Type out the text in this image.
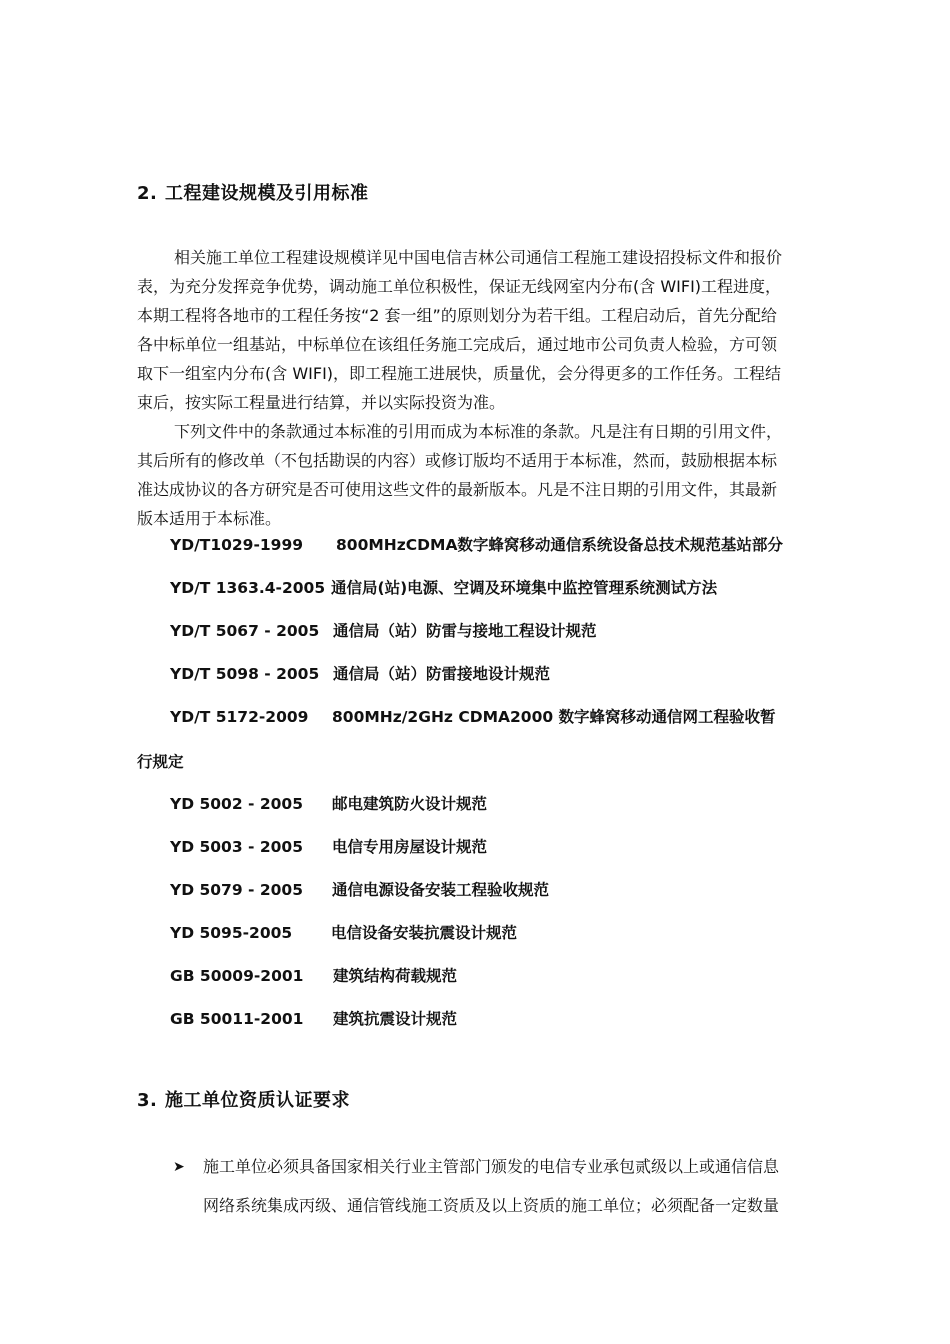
2. 工程建设规模及引用标准
相关施工单位工程建设规模详见中国电信吉林公司通信工程施工建设招投标文件和报价
表，为充分发挥竞争优势，调动施工单位积极性，保证无线网室内分布(含 WIFI)工程进度，
本期工程将各地市的工程任务按“2 套一组”的原则划分为若干组。工程启动后，首先分配给
各中标单位一组基站，中标单位在该组任务施工完成后，通过地市公司负责人检验，方可领
取下一组室内分布(含 WIFI)，即工程施工进展快，质量优，会分得更多的工作任务。工程结
束后，按实际工程量进行结算，并以实际投资为准。
下列文件中的条款通过本标准的引用而成为本标准的条款。凡是注有日期的引用文件，
其后所有的修改单（不包括勘误的内容）或修订版均不适用于本标准，然而，鼓励根据本标
准达成协议的各方研究是否可使用这些文件的最新版本。凡是不注日期的引用文件，其最新
版本适用于本标准。
YD/T1029-1999 800MHzCDMA数字蜂窝移动通信系统设备总技术规范基站部分
YD/T 1363.4-2005 通信局(站)电源、空调及环境集中监控管理系统测试方法
YD/T 5067 - 2005 通信局（站）防雷与接地工程设计规范
YD/T 5098 - 2005 通信局（站）防雷接地设计规范
YD/T 5172-2009 800MHz/2GHz CDMA2000 数字蜂窝移动通信网工程验收暂
行规定
YD 5002 - 2005 邮电建筑防火设计规范
YD 5003 - 2005 电信专用房屋设计规范
YD 5079 - 2005 通信电源设备安装工程验收规范
YD 5095-2005	电信设备安装抗震设计规范
GB 50009-2001 建筑结构荷载规范
GB 50011-2001 建筑抗震设计规范
3. 施工单位资质认证要求
➤	施工单位必须具备国家相关行业主管部门颁发的电信专业承包贰级以上或通信信息
网络系统集成丙级、通信管线施工资质及以上资质的施工单位；必须配备一定数量
